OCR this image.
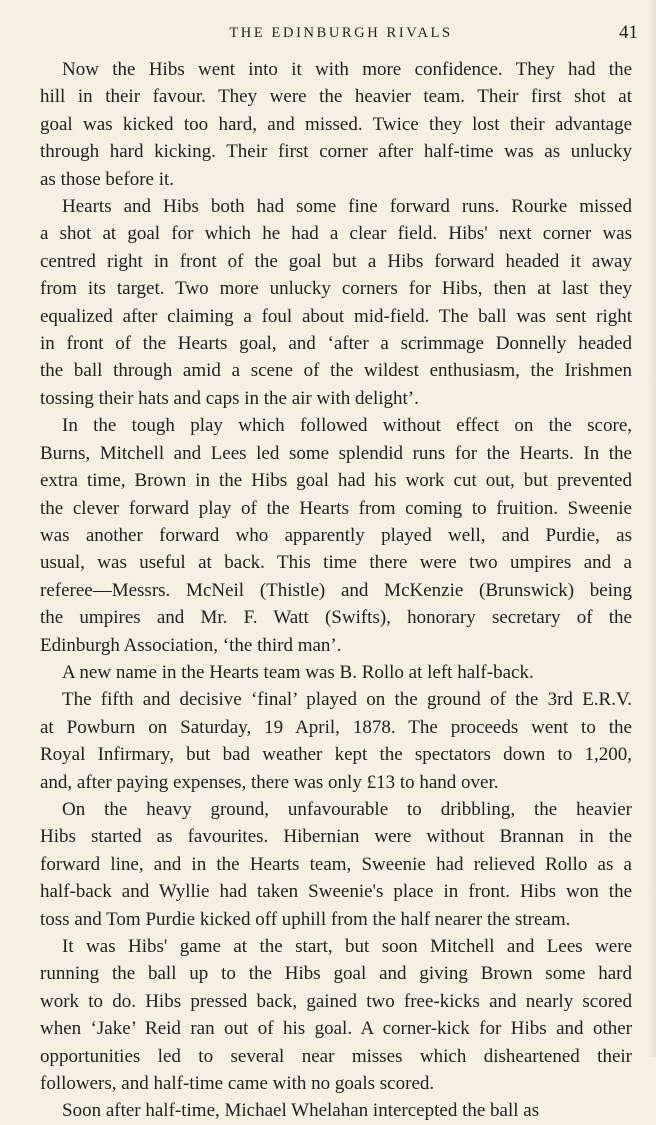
THE EDINBURGH RIVALS	41

Now the Hibs went into it with more confidence. They had the
hill in their favour. They were the heavier team. Their first shot at
goal was kicked too hard, and missed. Twice they lost their advantage
through hard kicking. Their first corner after half-time was as unlucky
as those before it.

Hearts and Hibs both had some fine forward runs. Rourke missed
a shot at goal for which he had a clear field. Hibs' next corner was
centred right in front of the goal but a Hibs forward headed it away
from its target. Two more unlucky corners for Hibs, then at last they
equalized after claiming a foul about mid-field. The ball was sent right
in front of the Hearts goal, and ‘after a scrimmage Donnelly headed
the ball through amid a scene of the wildest enthusiasm, the Irishmen
tossing their hats and caps in the air with delight’.

In the tough play which followed without effect on the score,
Burns, Mitchell and Lees led some splendid runs for the Hearts. In the
extra time, Brown in the Hibs goal had his work cut out, but prevented
the clever forward play of the Hearts from coming to fruition. Sweenie
was another forward who apparently played well, and Purdie, as
usual, was useful at back. This time there were two umpires and a
referee—Messrs. McNeil (Thistle) and McKenzie (Brunswick) being
the umpires and Mr. F. Watt (Swifts), honorary secretary of the
Edinburgh Association, ‘the third man’.

A new name in the Hearts team was B. Rollo at left half-back.

The fifth and decisive ‘final’ played on the ground of the 3rd E.R.V.
at Powburn on Saturday, 19 April, 1878. The proceeds went to the
Royal Infirmary, but bad weather kept the spectators down to 1,200,
and, after paying expenses, there was only £13 to hand over.

On the heavy ground, unfavourable to dribbling, the heavier
Hibs started as favourites. Hibernian were without Brannan in the
forward line, and in the Hearts team, Sweenie had relieved Rollo as a
half-back and Wyllie had taken Sweenie's place in front. Hibs won the
toss and Tom Purdie kicked off uphill from the half nearer the stream.

It was Hibs' game at the start, but soon Mitchell and Lees were
running the ball up to the Hibs goal and giving Brown some hard
work to do. Hibs pressed back, gained two free-kicks and nearly scored
when ‘Jake’ Reid ran out of his goal. A corner-kick for Hibs and other
opportunities led to several near misses which disheartened their
followers, and half-time came with no goals scored.

Soon after half-time, Michael Whelahan intercepted the ball as
